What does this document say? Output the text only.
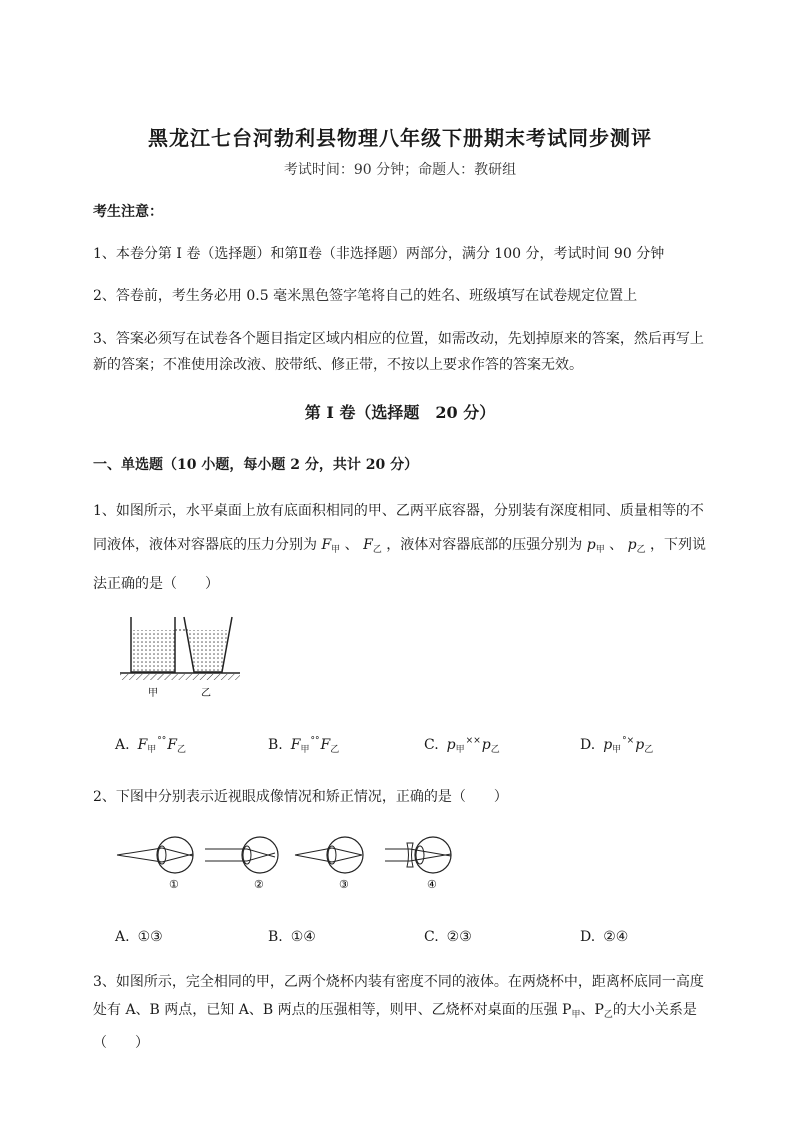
黑龙江七台河勃利县物理八年级下册期末考试同步测评
考试时间：90 分钟；命题人：教研组
考生注意：
1、本卷分第 I 卷（选择题）和第Ⅱ卷（非选择题）两部分，满分 100 分，考试时间 90 分钟
2、答卷前，考生务必用 0.5 毫米黑色签字笔将自己的姓名、班级填写在试卷规定位置上
3、答案必须写在试卷各个题目指定区域内相应的位置，如需改动，先划掉原来的答案，然后再写上新的答案；不准使用涂改液、胶带纸、修正带，不按以上要求作答的答案无效。
第 I 卷（选择题　20 分）
一、单选题（10 小题，每小题 2 分，共计 20 分）
1、如图所示，水平桌面上放有底面积相同的甲、乙两平底容器，分别装有深度相同、质量相等的不同液体，液体对容器底的压力分别为 $F_甲$ 、 $F_乙$ ，液体对容器底部的压强分别为 $p_甲$ 、 $p_乙$ ，下列说法正确的是（　　）
甲	乙
A. $F_甲^{^\circ^\circ}F_乙$	B. $F_甲^{^\circ^\circ}F_乙$	C. $p_甲^{\times\times}p_乙$	D. $p_甲^{^\circ\times}p_乙$
2、下图中分别表示近视眼成像情况和矫正情况，正确的是（　　）
①	②	③	④
A. ①③	B. ①④	C. ②③	D. ②④
3、如图所示，完全相同的甲，乙两个烧杯内装有密度不同的液体。在两烧杯中，距离杯底同一高度处有 A、B 两点，已知 A、B 两点的压强相等，则甲、乙烧杯对桌面的压强 $P_甲$、$P_乙$的大小关系是（　　）
